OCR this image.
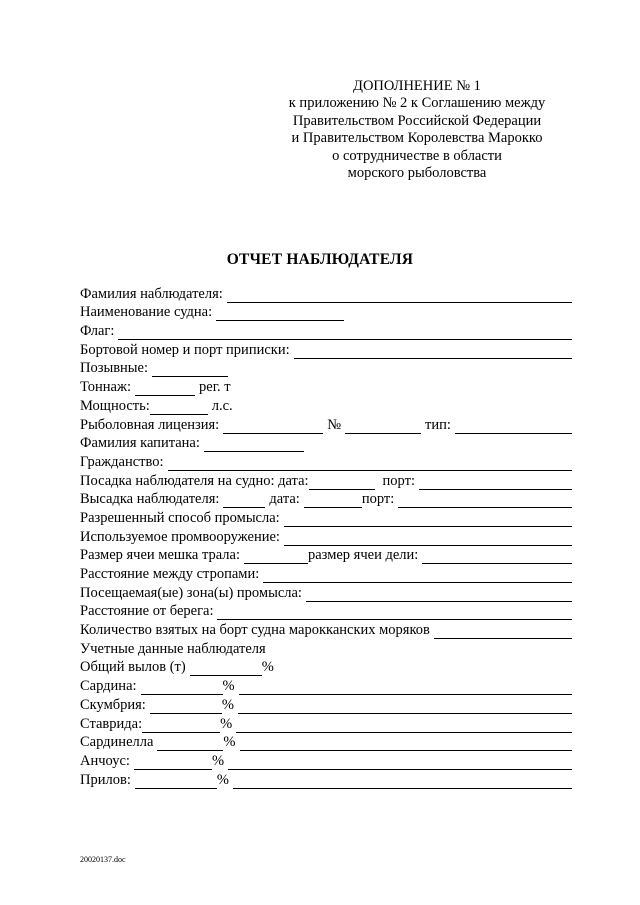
ДОПОЛНЕНИЕ № 1
к приложению № 2 к Соглашению между
Правительством Российской Федерации
и Правительством Королевства Марокко
о сотрудничестве в области
морского рыболовства
ОТЧЕТ НАБЛЮДАТЕЛЯ
Фамилия наблюдателя:
Наименование судна:
Флаг:
Бортовой номер и порт приписки:
Позывные:
Тоннаж:	рег. т
Мощность:	л.с.
Рыболовная лицензия:	№	тип:
Фамилия капитана:
Гражданство:
Посадка наблюдателя на судно: дата:	порт:
Высадка наблюдателя:	дата:	порт:
Разрешенный способ промысла:
Используемое промвооружение:
Размер ячеи мешка трала:	размер ячеи дели:
Расстояние между стропами:
Посещаемая(ые) зона(ы) промысла:
Расстояние от берега:
Количество взятых на борт судна марокканских моряков
Учетные данные наблюдателя
Общий вылов (т)	%
Сардина:	%
Скумбрия:	%
Ставрида:	%
Сардинелла	%
Анчоус:	%
Прилов:	%
20020137.doc
